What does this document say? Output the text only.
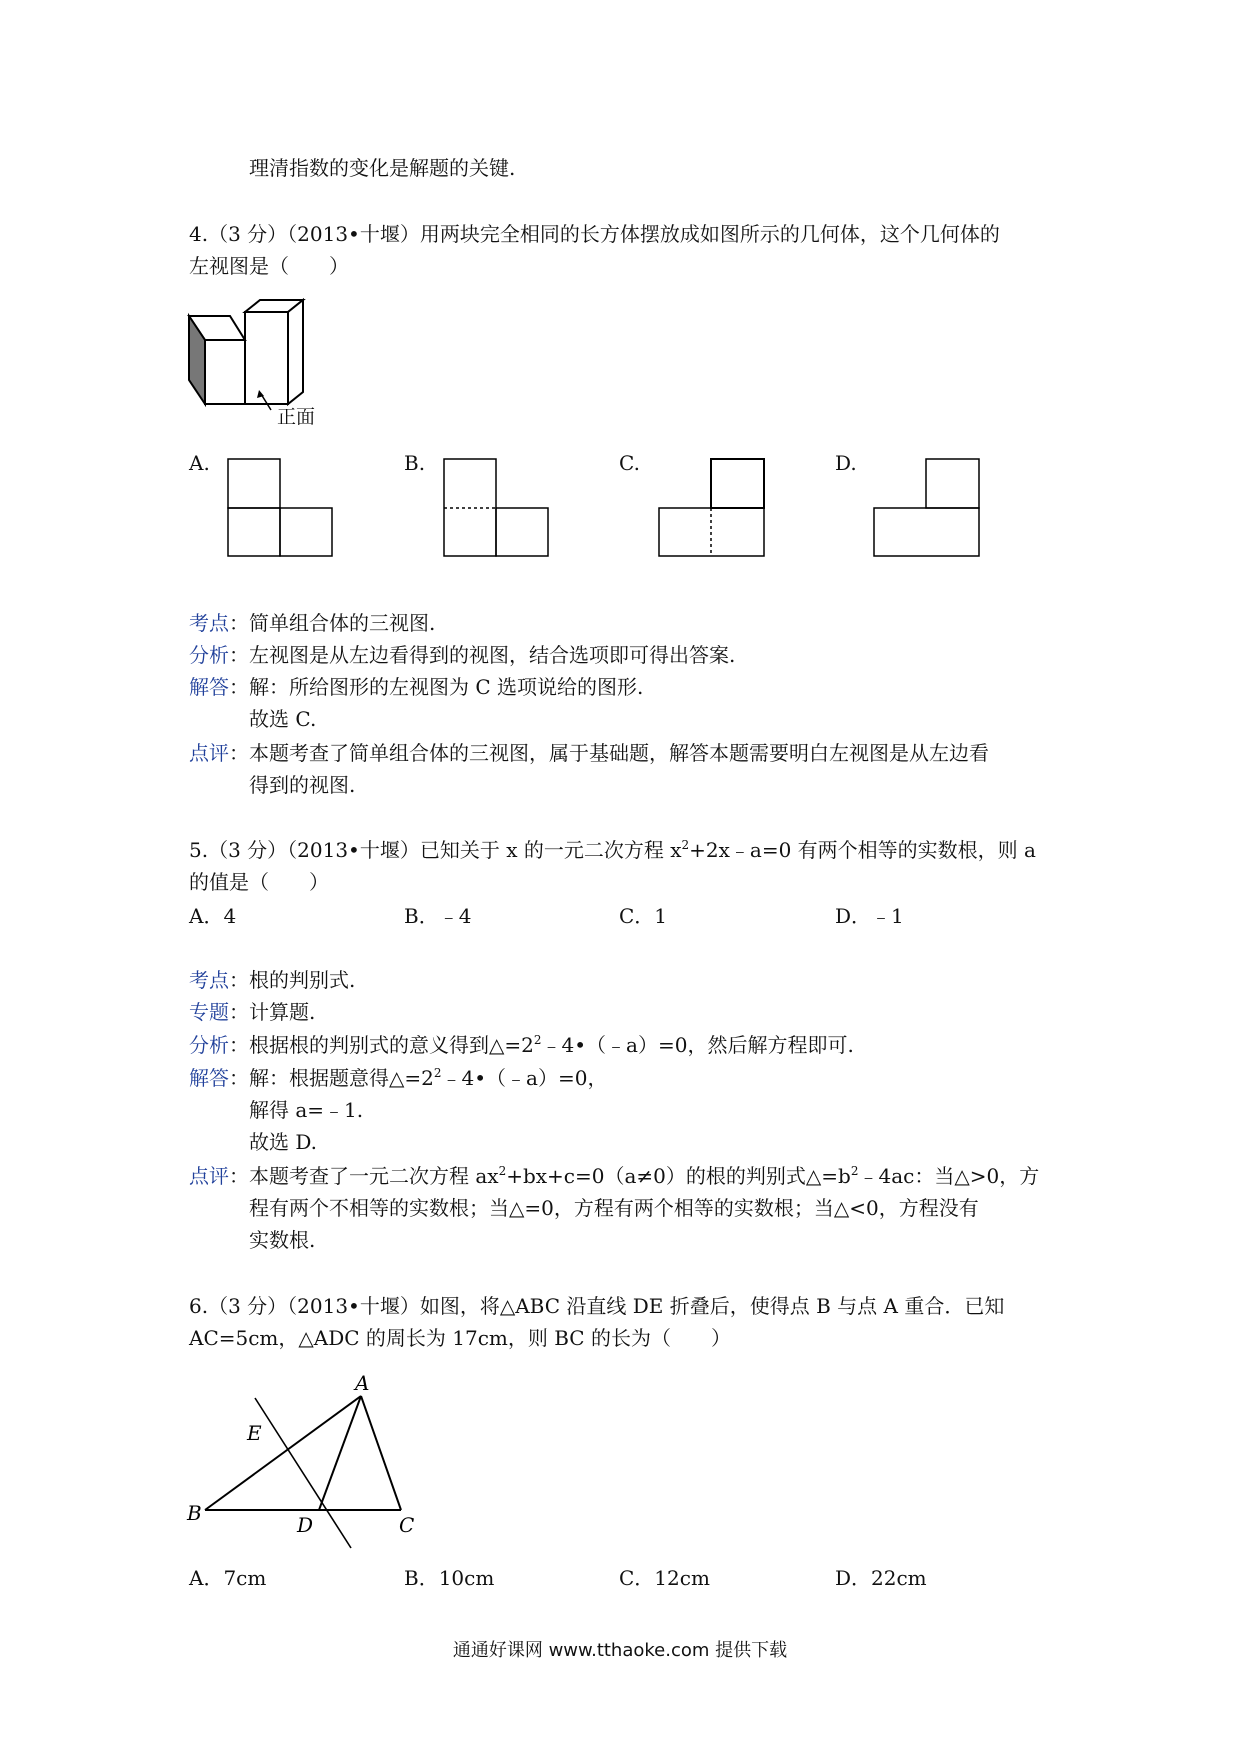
理清指数的变化是解题的关键.
4.（3 分）（2013•十堰）用两块完全相同的长方体摆放成如图所示的几何体，这个几何体的
左视图是（　　）
正面
A.	B.	C.	D.
考点：简单组合体的三视图.
分析：左视图是从左边看得到的视图，结合选项即可得出答案.
解答：解：所给图形的左视图为 C 选项说给的图形.
故选 C.
点评：本题考查了简单组合体的三视图，属于基础题，解答本题需要明白左视图是从左边看
得到的视图.
5.（3 分）（2013•十堰）已知关于 x 的一元二次方程 $x^2+2x﹣a=0$ 有两个相等的实数根，则 a
的值是（　　）
A．4	B．﹣4	C．1	D．﹣1
考点：根的判别式.
专题：计算题.
分析：根据根的判别式的意义得到$\triangle=2^2﹣4•(﹣a)=0$，然后解方程即可.
解答：解：根据题意得$\triangle=2^2﹣4•(﹣a)=0$，
解得 a=﹣1.
故选 D.
点评：本题考查了一元二次方程 $ax^2+bx+c=0(a\ne 0)$的根的判别式$\triangle=b^2﹣4ac$：当△>0，方
程有两个不相等的实数根；当△=0，方程有两个相等的实数根；当△<0，方程没有
实数根.
6.（3 分）（2013•十堰）如图，将△ABC 沿直线 DE 折叠后，使得点 B 与点 A 重合．已知
AC=5cm，△ADC 的周长为 17cm，则 BC 的长为（　　）
A
B	C
D
E
A．7cm	B．10cm	C．12cm	D．22cm
通通好课网 www.tthaoke.com 提供下载
